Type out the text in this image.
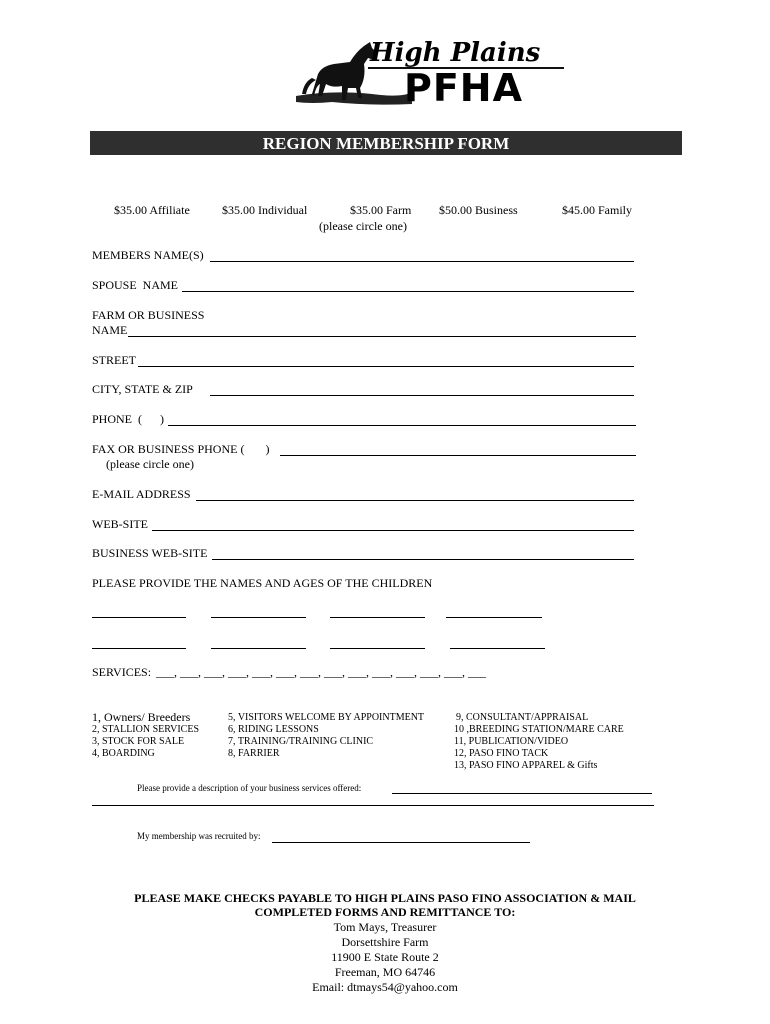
High Plains
PFHA
REGION MEMBERSHIP FORM
$35.00 Affiliate	$35.00 Individual	$35.00 Farm $50.00 Business	$45.00 Family
(please circle one)
MEMBERS NAME(S)
SPOUSE  NAME
FARM OR BUSINESS
NAME
STREET
CITY, STATE & ZIP
PHONE  (      )
FAX OR BUSINESS PHONE (       )
(please circle one)
E-MAIL ADDRESS
WEB-SITE
BUSINESS WEB-SITE
PLEASE PROVIDE THE NAMES AND AGES OF THE CHILDREN
SERVICES: ___, ___, ___, ___, ___, ___, ___, ___, ___, ___, ___, ___, ___, ___
1, Owners/ Breeders
2, STALLION SERVICES
3, STOCK FOR SALE
4, BOARDING
5, VISITORS WELCOME BY APPOINTMENT
6, RIDING LESSONS
7, TRAINING/TRAINING CLINIC
8, FARRIER
9, CONSULTANT/APPRAISAL
10 ,BREEDING STATION/MARE CARE
11, PUBLICATION/VIDEO
12, PASO FINO TACK
13, PASO FINO APPAREL & Gifts
Please provide a description of your business services offered:
My membership was recruited by:
PLEASE MAKE CHECKS PAYABLE TO HIGH PLAINS PASO FINO ASSOCIATION & MAIL
COMPLETED FORMS AND REMITTANCE TO:
Tom Mays, Treasurer
Dorsettshire Farm
11900 E State Route 2
Freeman, MO 64746
Email: dtmays54@yahoo.com
